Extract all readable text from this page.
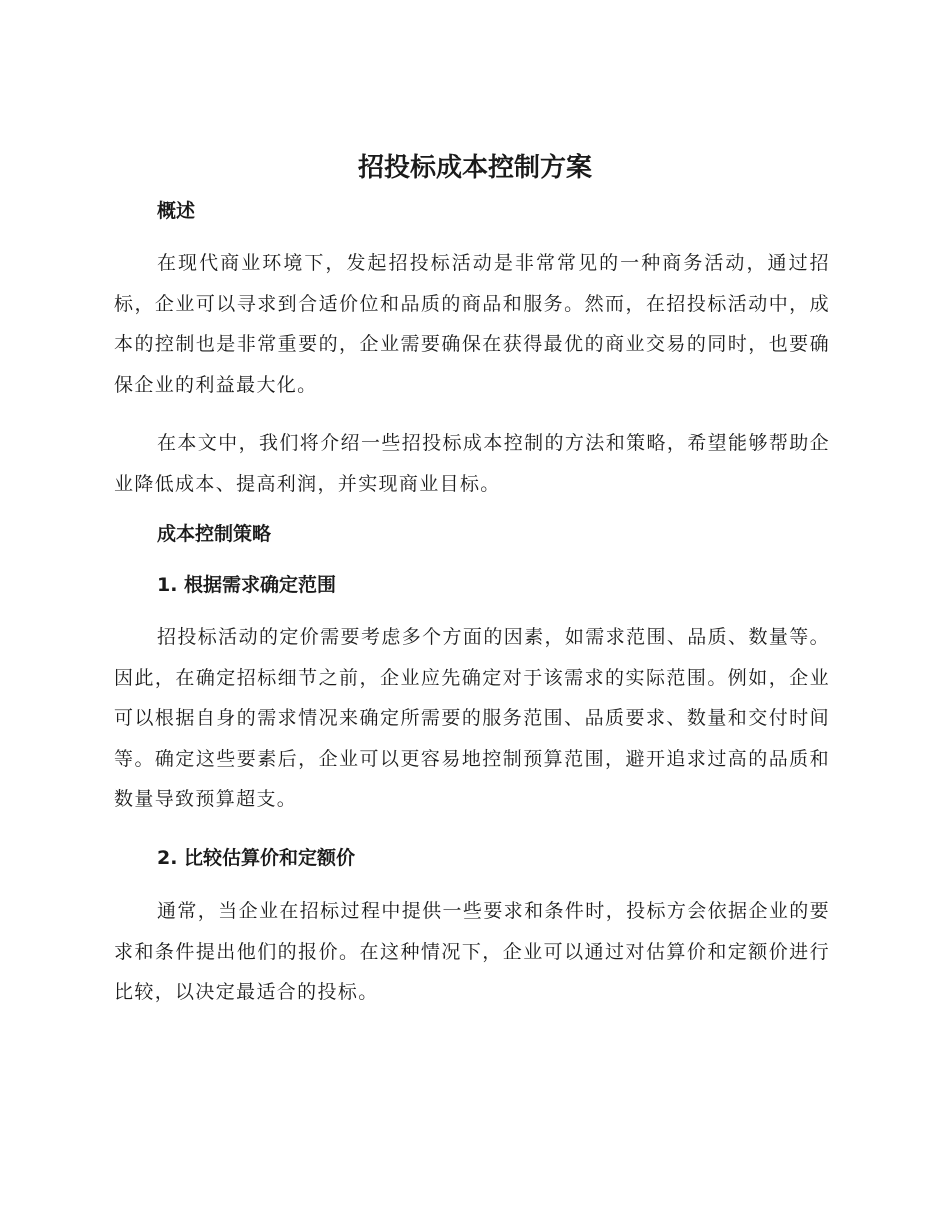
招投标成本控制方案
概述

在现代商业环境下，发起招投标活动是非常常见的一种商务活动，通过招标，企业可以寻求到合适价位和品质的商品和服务。然而，在招投标活动中，成本的控制也是非常重要的，企业需要确保在获得最优的商业交易的同时，也要确保企业的利益最大化。

在本文中，我们将介绍一些招投标成本控制的方法和策略，希望能够帮助企业降低成本、提高利润，并实现商业目标。

成本控制策略
1. 根据需求确定范围

招投标活动的定价需要考虑多个方面的因素，如需求范围、品质、数量等。因此，在确定招标细节之前，企业应先确定对于该需求的实际范围。例如，企业可以根据自身的需求情况来确定所需要的服务范围、品质要求、数量和交付时间等。确定这些要素后，企业可以更容易地控制预算范围，避开追求过高的品质和数量导致预算超支。

2. 比较估算价和定额价

通常，当企业在招标过程中提供一些要求和条件时，投标方会依据企业的要求和条件提出他们的报价。在这种情况下，企业可以通过对估算价和定额价进行比较，以决定最适合的投标。
